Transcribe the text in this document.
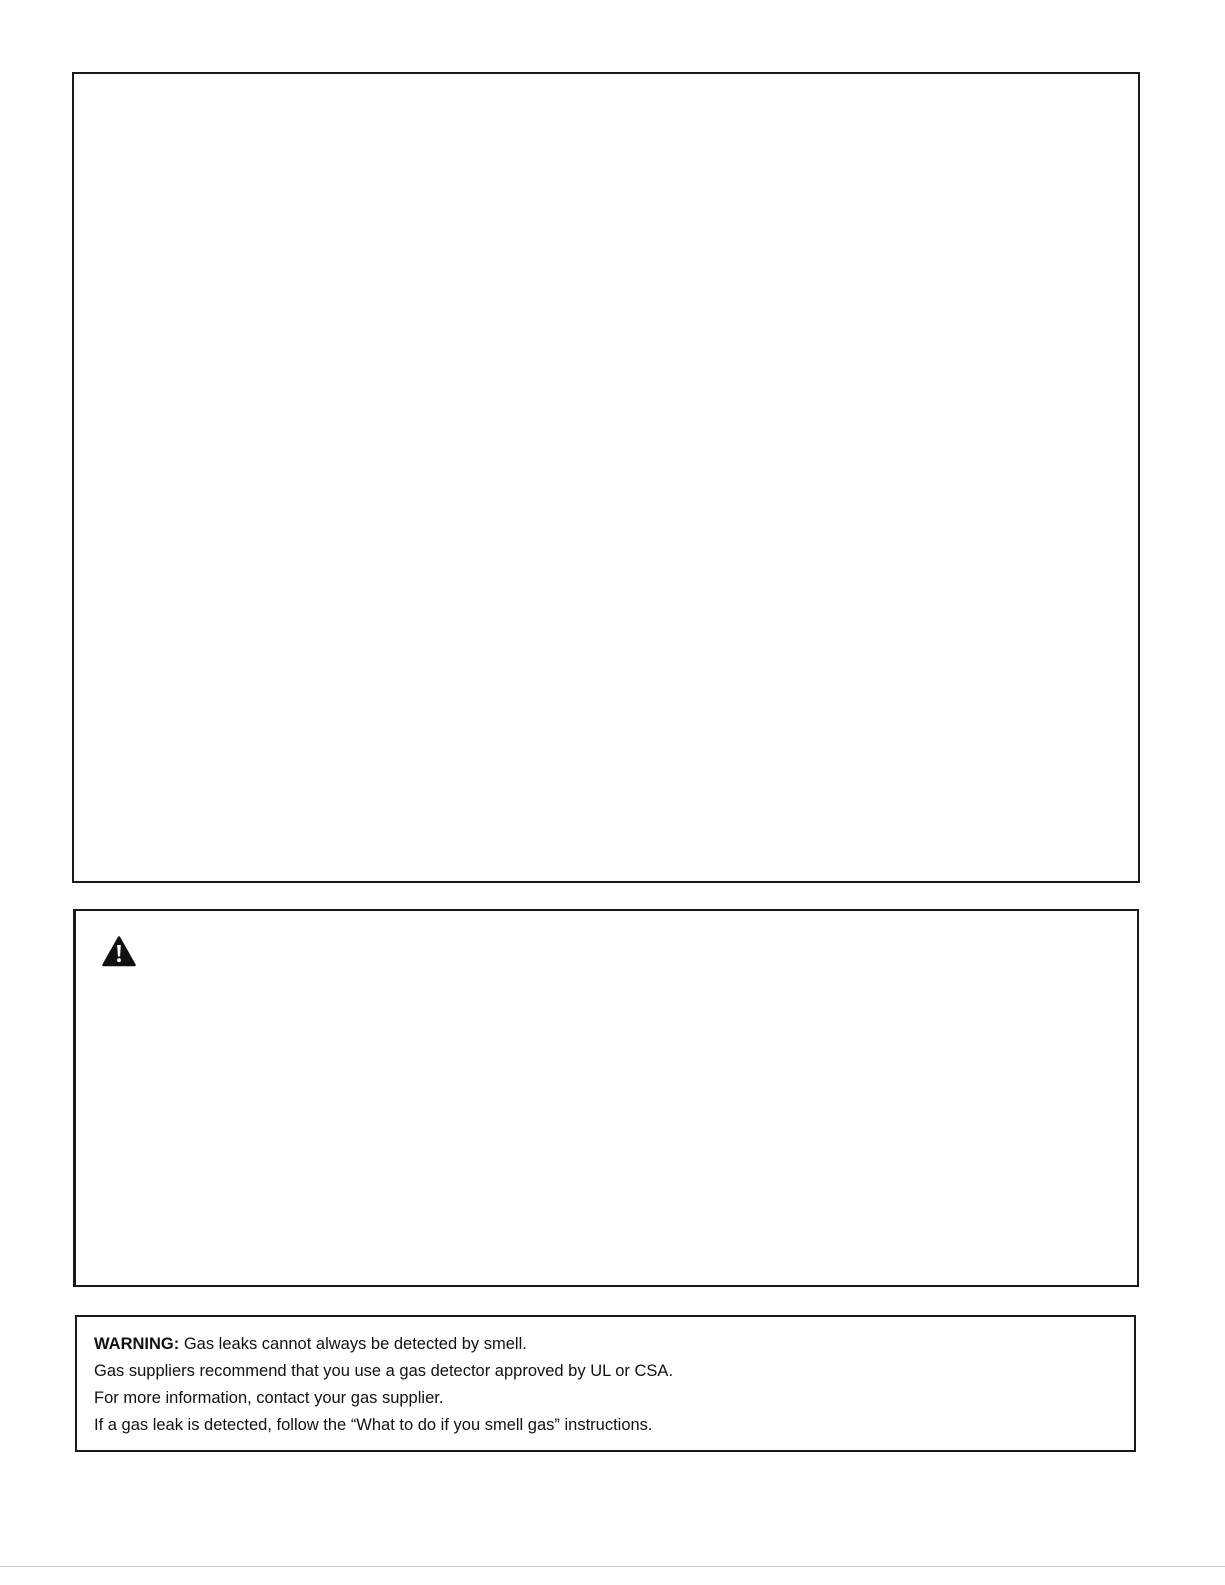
WARNING: Gas leaks cannot always be detected by smell.
Gas suppliers recommend that you use a gas detector approved by UL or CSA.
For more information, contact your gas supplier.
If a gas leak is detected, follow the “What to do if you smell gas” instructions.
